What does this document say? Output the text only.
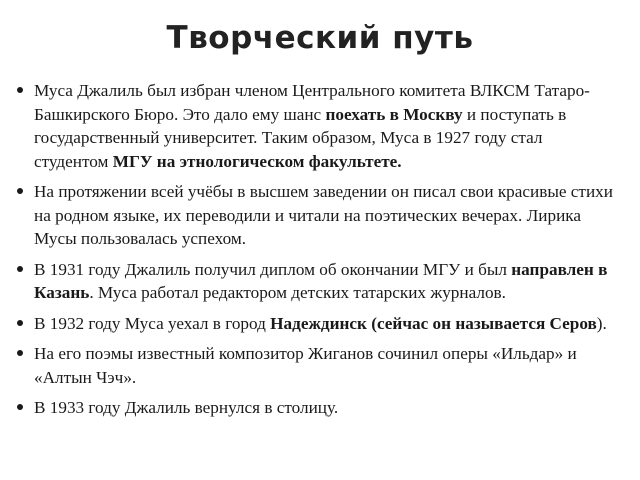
Творческий путь
Муса Джалиль был избран членом Центрального комитета ВЛКСМ Татаро-Башкирского Бюро. Это дало ему шанс поехать в Москву и поступать в государственный университет. Таким образом, Муса в 1927 году стал студентом МГУ на этнологическом факультете.
На протяжении всей учёбы в высшем заведении он писал свои красивые стихи на родном языке, их переводили и читали на поэтических вечерах. Лирика Мусы пользовалась успехом.
В 1931 году Джалиль получил диплом об окончании МГУ и был направлен в Казань. Муса работал редактором детских татарских журналов.
В 1932 году Муса уехал в город Надеждинск (сейчас он называется Серов).
На его поэмы известный композитор Жиганов сочинил оперы «Ильдар» и «Алтын Чэч».
В 1933 году Джалиль вернулся в столицу.
